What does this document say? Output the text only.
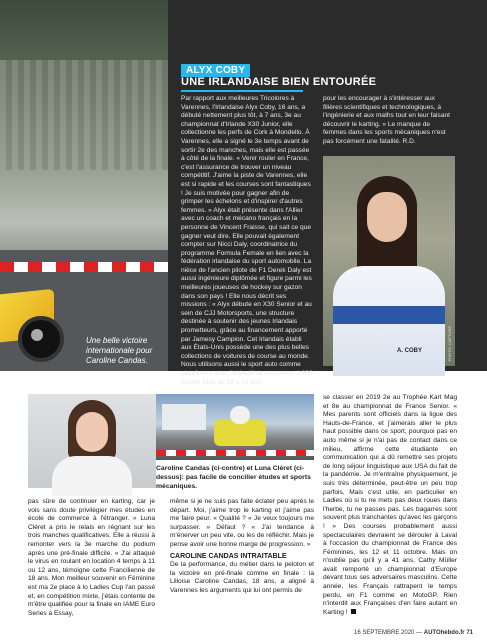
Une belle victoire internationale pour Caroline Candas.
ALYX COBY
UNE IRLANDAISE BIEN ENTOURÉE
Par rapport aux meilleures Tricolores à Varennes, l'Irlandaise Alyx Coby, 16 ans, a débuté nettement plus tôt, à 7 ans, 3e au championnat d'Irlande X30 Junior, elle collectionne les perfs de Cork à Mondello. À Varennes, elle a signé le 3e temps avant de sortir 2e des manches, mais elle est passée à côté de la finale. « Venir rouler en France, c'est l'assurance de trouver un niveau compétitif. J'aime la piste de Varennes, elle est si rapide et les courses sont fantastiques ! Je suis motivée pour gagner afin de grimper les échelons et d'inspirer d'autres femmes. » Alyx était présente dans l'Allier avec un coach et mécano français en la personne de Vincent Fraisse, qui sait ce que gagner veut dire. Elle pouvait également compter sur Nicci Daly, coordinatrice du programme Formula Female en lien avec la fédération irlandaise du sport automobile. La nièce de l'ancien pilote de F1 Derek Daly est aussi ingénieure diplômée et figure parmi les meilleures joueuses de hockey sur gazon dans son pays ! Elle nous décrit ses missions : « Alyx débute en X30 Senior et au sein de CJJ Motorsports, une structure destinée à soutenir des jeunes Irlandais prometteurs, grâce au financement apporté par Jamesy Campion. Cet Irlandais établi aux États-Unis possède une des plus belles collections de voitures de course au monde. Nous utilisons aussi le sport auto comme plateforme avec l'objectif de rencontrer 1 000 jeunes filles de 13 à 18 ans,
pour les encourager à s'intéresser aux filières scientifiques et technologiques, à l'ingénierie et aux maths tout en leur faisant découvrir le karting. » Le manque de femmes dans les sports mécaniques n'est pas forcément une fatalité. R.D.
A. COBY	PHOTO: CAPTURE
Caroline Candas (ci-contre) et Luna Cléret (ci-dessus): pas facile de concilier études et sports mécaniques.
pas sûre de continuer en karting, car je vois sans doute privilégier mes études en école de commerce à l'étranger. » Luna Cléret a pris le relais en régnant sur les trois manches qualificatives. Elle a réussi à remonter vers la 3e marche du podium après une pré-finale difficile. « J'ai attaqué le virus en roulant en location 4 temps à 11 ou 12 ans, témoigne cette Francilienne de 18 ans. Mon meilleur souvenir en Féminine est ma 2e place à lo Ladies Cup l'an passé et, en compétition mixte, j'étais contente de m'être qualifiée pour la finale en IAME Euro Series à Essay,
même si je ne suis pas faite éclater peu après le départ. Moi, j'aime trop le karting et j'aime pas me faire peur. « Qualité ? « Je veux toujours me surpasser. » Défaut ? « J'ai tendance à m'énerver un peu vite, ou les de réfléchir. Mais je pense avoir une bonne marge de progression. »
CAROLINE CANDAS INTRAITABLE
De la performance, du métier dans le peloton et la victoire en pré-finale comme en finale : la Lilloise Caroline Candas, 18 ans, a aligné à Varennes les arguments qui lui ont permis de
se classer en 2019 2e au Trophée Kart Mag et 8e au championnat de France Senior. « Mes parents sont officiels dans la ligue des Hauts-de-France, et j'aimerais aller le plus haut possible dans ce sport, pourquoi pas en auto même si je n'ai pas de contact dans ce milieu, affirme cette étudiante en communication qui a dû remettre ses projets de long séjour linguistique aux USA du fait de la pandémie. Je m'entraîne physiquement, je suis très déterminée, peut-être un peu trop parfois. Mais c'est utile, en particulier en Ladies où si tu ne mets pas deux roues dans l'herbe, tu ne passes pas. Les bagarres sont souvent plus tranchantes qu'avec les garçons ! » Des courses probablement aussi spectaculaires devraient se dérouler à Laval à l'occasion du championnat de France des Féminines, les 12 et 11 octobre. Mais on n'oublie pas qu'il y a 41 ans, Cathy Müller avait remporté un championnat d'Europe devant tous ses adversaires masculins. Cette année, les Français rattrapent le temps perdu, en F1 comme en MotoGP. Rien n'interdit aux Françaises d'en faire autant en Karting !
16 SEPTEMBRE 2020 — AUTOhebdo.fr 71
